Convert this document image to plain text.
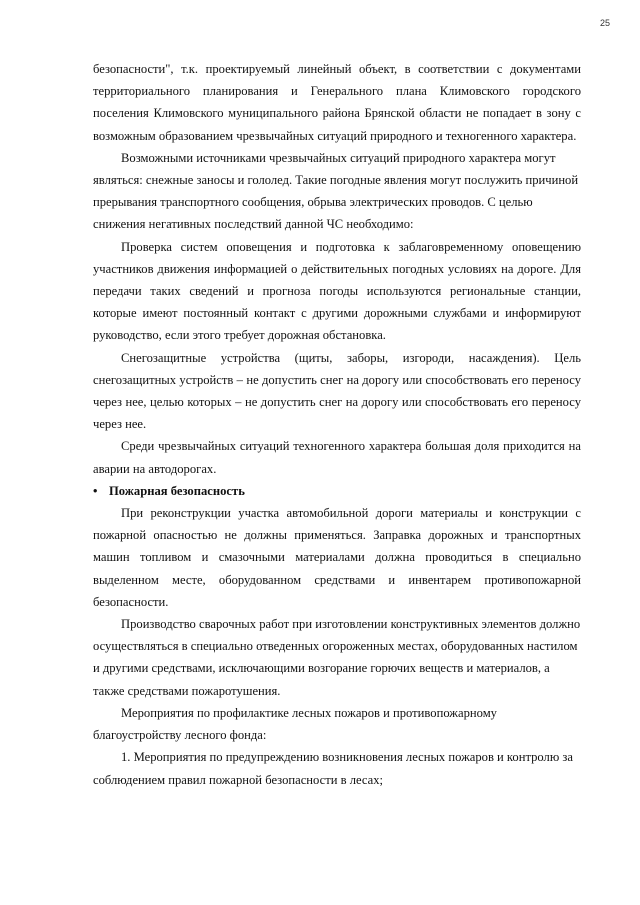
25

безопасности", т.к. проектируемый линейный объект, в соответствии с документами территориального планирования и Генерального плана Климовского городского поселения Климовского муниципального района Брянской области не попадает в зону с возможным образованием чрезвычайных ситуаций природного и техногенного характера.

Возможными источниками чрезвычайных ситуаций природного характера могут являться: снежные заносы и гололед. Такие погодные явления могут послужить причиной прерывания транспортного сообщения, обрыва электрических проводов. С целью снижения негативных последствий данной ЧС необходимо:

Проверка систем оповещения и подготовка к заблаговременному оповещению участников движения информацией о действительных погодных условиях на дороге. Для передачи таких сведений и прогноза погоды используются региональные станции, которые имеют постоянный контакт с другими дорожными службами и информируют руководство, если этого требует дорожная обстановка.

Снегозащитные устройства (щиты, заборы, изгороди, насаждения). Цель снегозащитных устройств – не допустить снег на дорогу или способствовать его переносу через нее, целью которых – не допустить снег на дорогу или способствовать его переносу через нее.

Среди чрезвычайных ситуаций техногенного характера большая доля приходится на аварии на автодорогах.

• Пожарная безопасность

При реконструкции участка автомобильной дороги материалы и конструкции с пожарной опасностью не должны применяться. Заправка дорожных и транспортных машин топливом и смазочными материалами должна проводиться в специально выделенном месте, оборудованном средствами и инвентарем противопожарной безопасности.

Производство сварочных работ при изготовлении конструктивных элементов должно осуществляться в специально отведенных огороженных местах, оборудованных настилом и другими средствами, исключающими возгорание горючих веществ и материалов, а также средствами пожаротушения.

Мероприятия по профилактике лесных пожаров и противопожарному благоустройству лесного фонда:

1. Мероприятия по предупреждению возникновения лесных пожаров и контролю за соблюдением правил пожарной безопасности в лесах;
